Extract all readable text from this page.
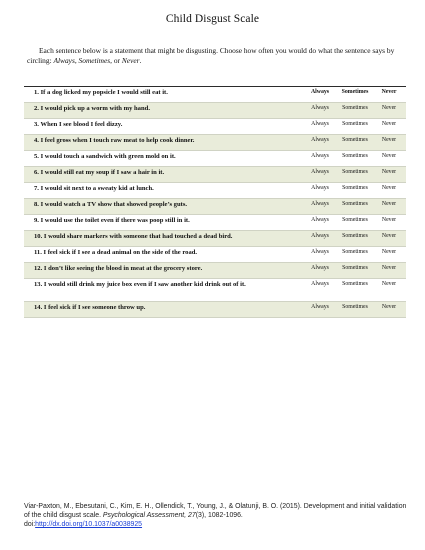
Child Disgust Scale
Each sentence below is a statement that might be disgusting. Choose how often you would do what the sentence says by circling: Always, Sometimes, or Never.
1. If a dog licked my popsicle I would still eat it.	Always	Sometimes	Never
2. I would pick up a worm with my hand.	Always	Sometimes	Never
3. When I see blood I feel dizzy.	Always	Sometimes	Never
4. I feel gross when I touch raw meat to help cook dinner.	Always	Sometimes	Never
5. I would touch a sandwich with green mold on it.	Always	Sometimes	Never
6. I would still eat my soup if I saw a hair in it.	Always	Sometimes	Never
7. I would sit next to a sweaty kid at lunch.	Always	Sometimes	Never
8. I would watch a TV show that showed people’s guts.	Always	Sometimes	Never
9. I would use the toilet even if there was poop still in it.	Always	Sometimes	Never
10. I would share markers with someone that had touched a dead bird.	Always	Sometimes	Never
11. I feel sick if I see a dead animal on the side of the road.	Always	Sometimes	Never
12. I don’t like seeing the blood in meat at the grocery store.	Always	Sometimes	Never
13. I would still drink my juice box even if I saw another kid drink out of it.	Always	Sometimes	Never
14. I feel sick if I see someone throw up.	Always	Sometimes	Never
Viar-Paxton, M., Ebesutani, C., Kim, E. H., Ollendick, T., Young, J., & Olatunji, B. O. (2015). Development and initial validation of the child disgust scale. Psychological Assessment, 27(3), 1082-1096.
doi:http://dx.doi.org/10.1037/a0038925
